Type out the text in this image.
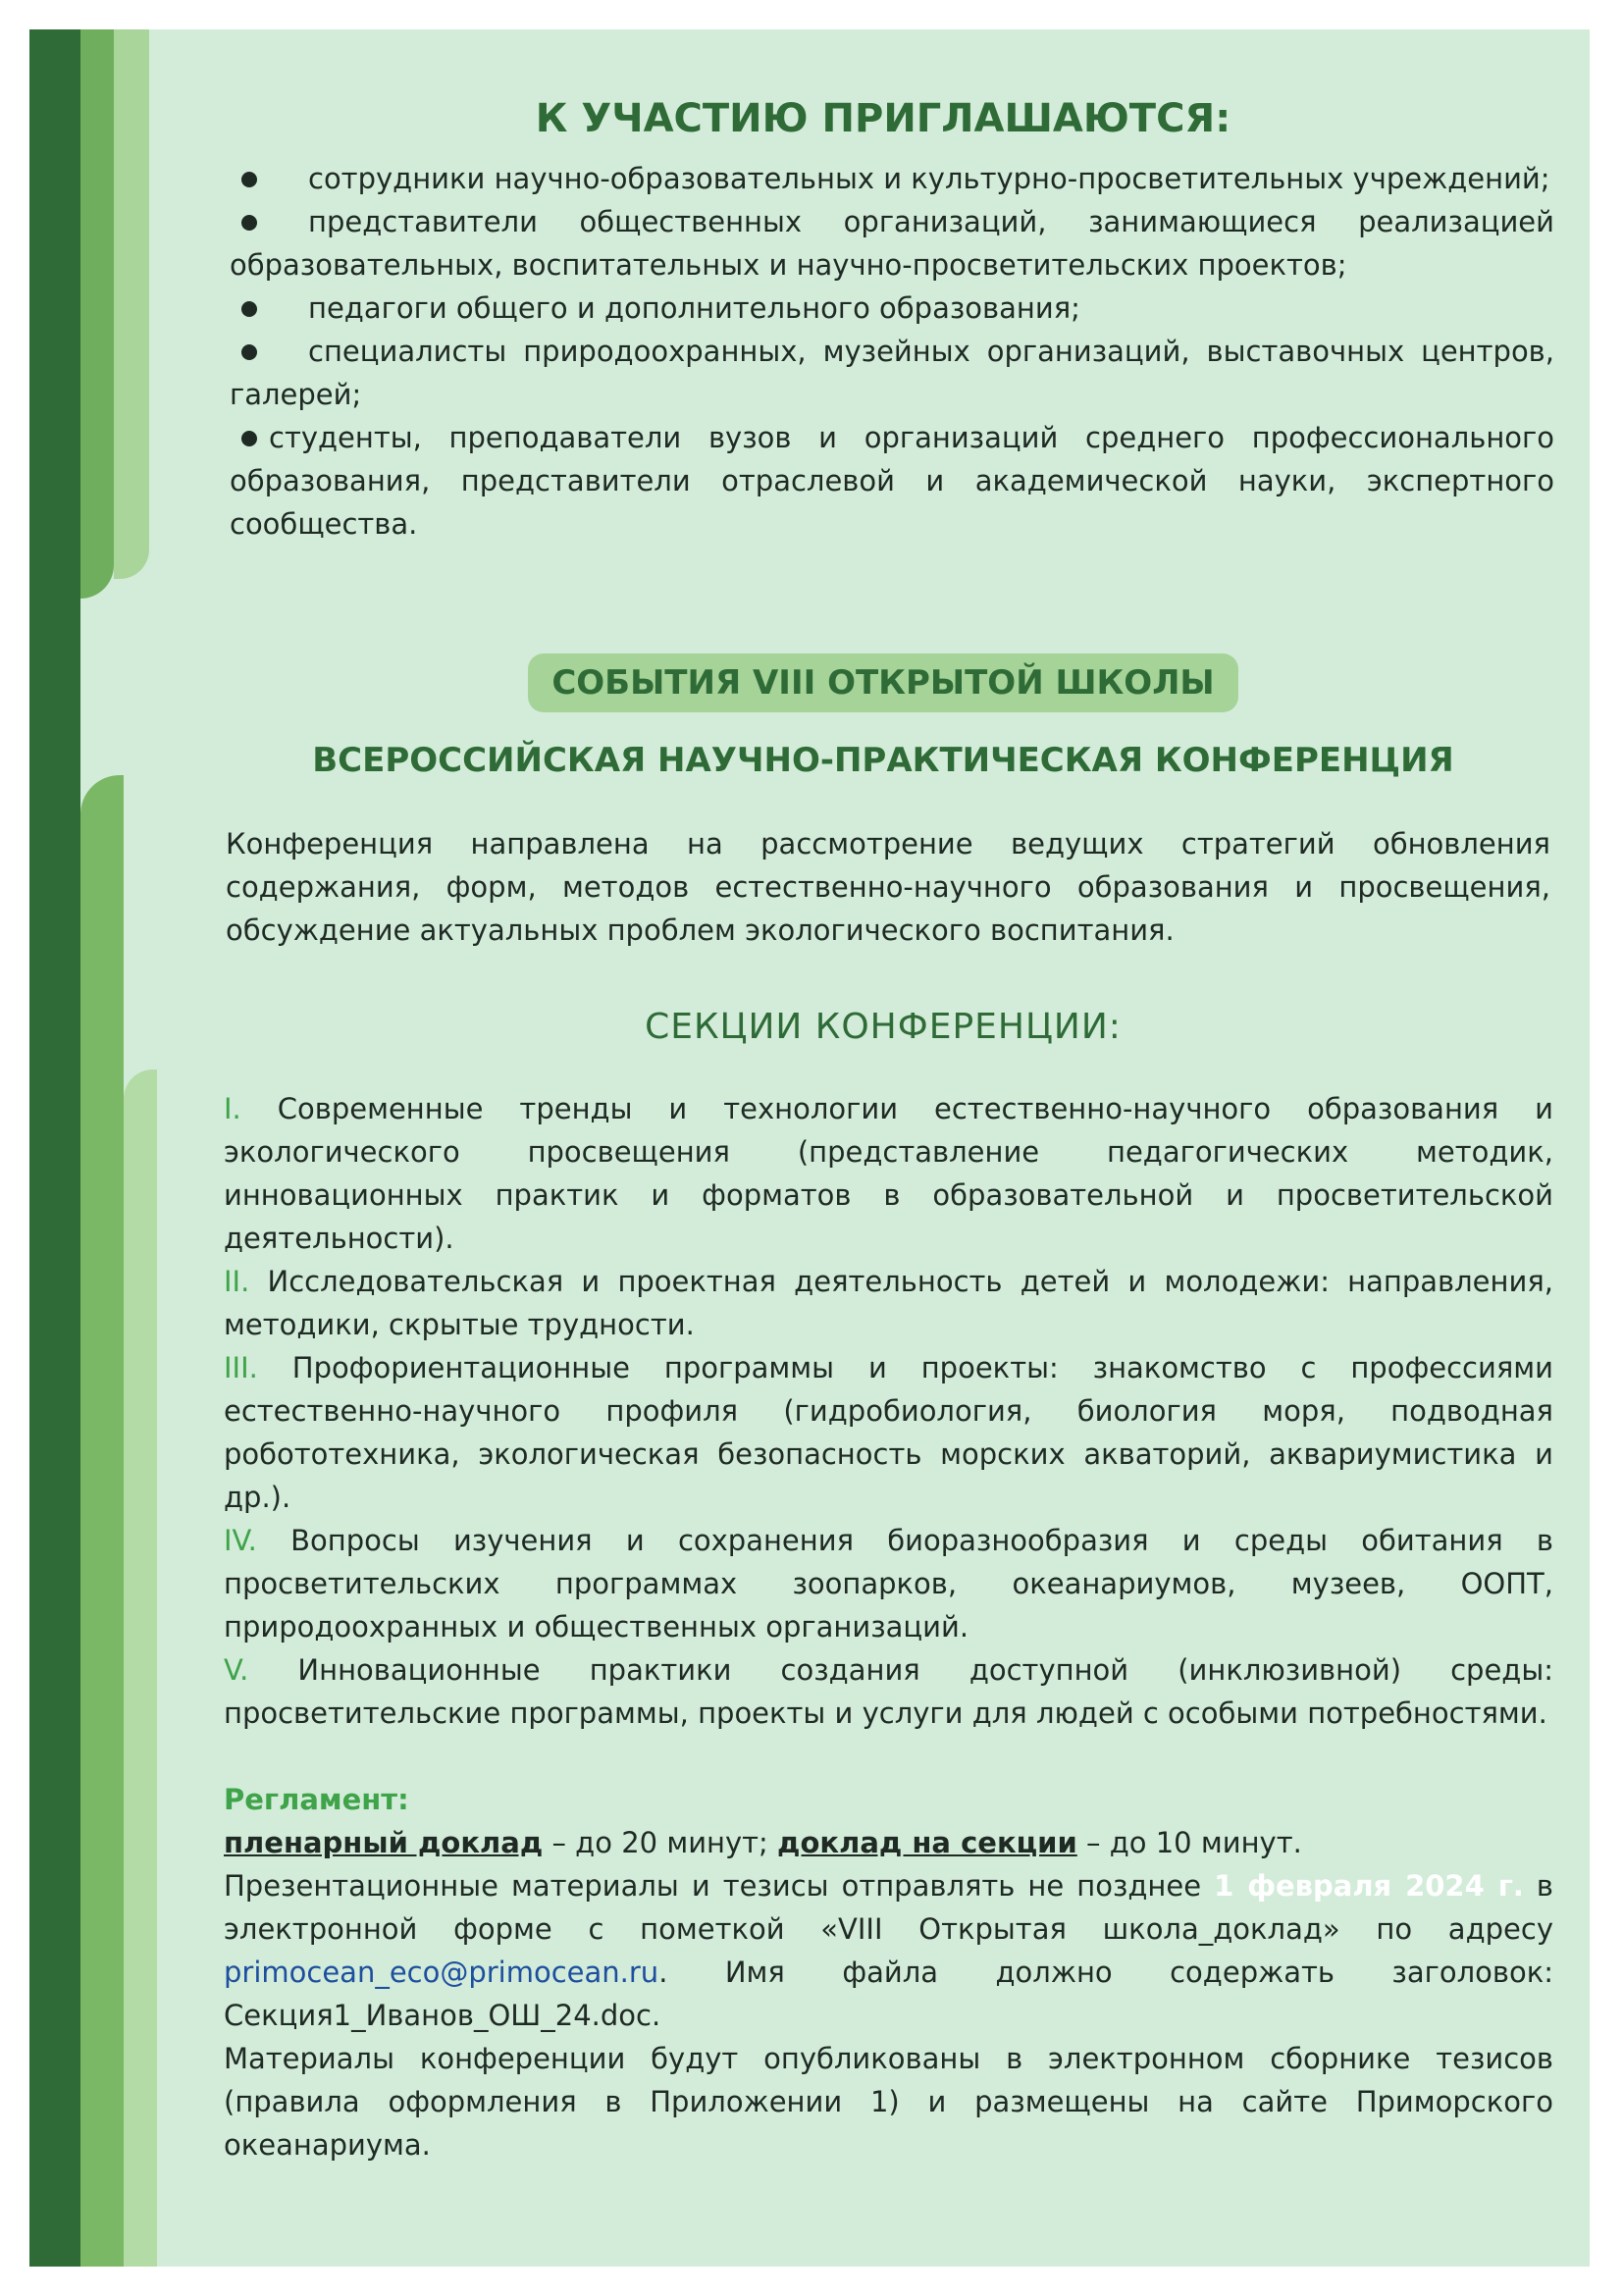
К УЧАСТИЮ ПРИГЛАШАЮТСЯ:
сотрудники научно-образовательных и культурно-просветительных учреждений;
представители общественных организаций, занимающиеся реализацией образовательных, воспитательных и научно-просветительских проектов;
педагоги общего и дополнительного образования;
специалисты природоохранных, музейных организаций, выставочных центров, галерей;
студенты, преподаватели вузов и организаций среднего профессионального образования, представители отраслевой и академической науки, экспертного сообщества.
СОБЫТИЯ VIII ОТКРЫТОЙ ШКОЛЫ
ВСЕРОССИЙСКАЯ НАУЧНО-ПРАКТИЧЕСКАЯ КОНФЕРЕНЦИЯ
Конференция направлена на рассмотрение ведущих стратегий обновления содержания, форм, методов естественно-научного образования и просвещения, обсуждение актуальных проблем экологического воспитания.
СЕКЦИИ КОНФЕРЕНЦИИ:
I. Современные тренды и технологии естественно-научного образования и экологического просвещения (представление педагогических методик, инновационных практик и форматов в образовательной и просветительской деятельности).
II. Исследовательская и проектная деятельность детей и молодежи: направления, методики, скрытые трудности.
III. Профориентационные программы и проекты: знакомство с профессиями естественно-научного профиля (гидробиология, биология моря, подводная робототехника, экологическая безопасность морских акваторий, аквариумистика и др.).
IV. Вопросы изучения и сохранения биоразнообразия и среды обитания в просветительских программах зоопарков, океанариумов, музеев, ООПТ, природоохранных и общественных организаций.
V. Инновационные практики создания доступной (инклюзивной) среды: просветительские программы, проекты и услуги для людей с особыми потребностями.
Регламент:
пленарный доклад – до 20 минут; доклад на секции – до 10 минут.
Презентационные материалы и тезисы отправлять не позднее 1 февраля 2024 г. в электронной форме с пометкой «VIII Открытая школа_доклад» по адресу primocean_eco@primocean.ru. Имя файла должно содержать заголовок: Секция1_Иванов_ОШ_24.doc.
Материалы конференции будут опубликованы в электронном сборнике тезисов (правила оформления в Приложении 1) и размещены на сайте Приморского океанариума.
